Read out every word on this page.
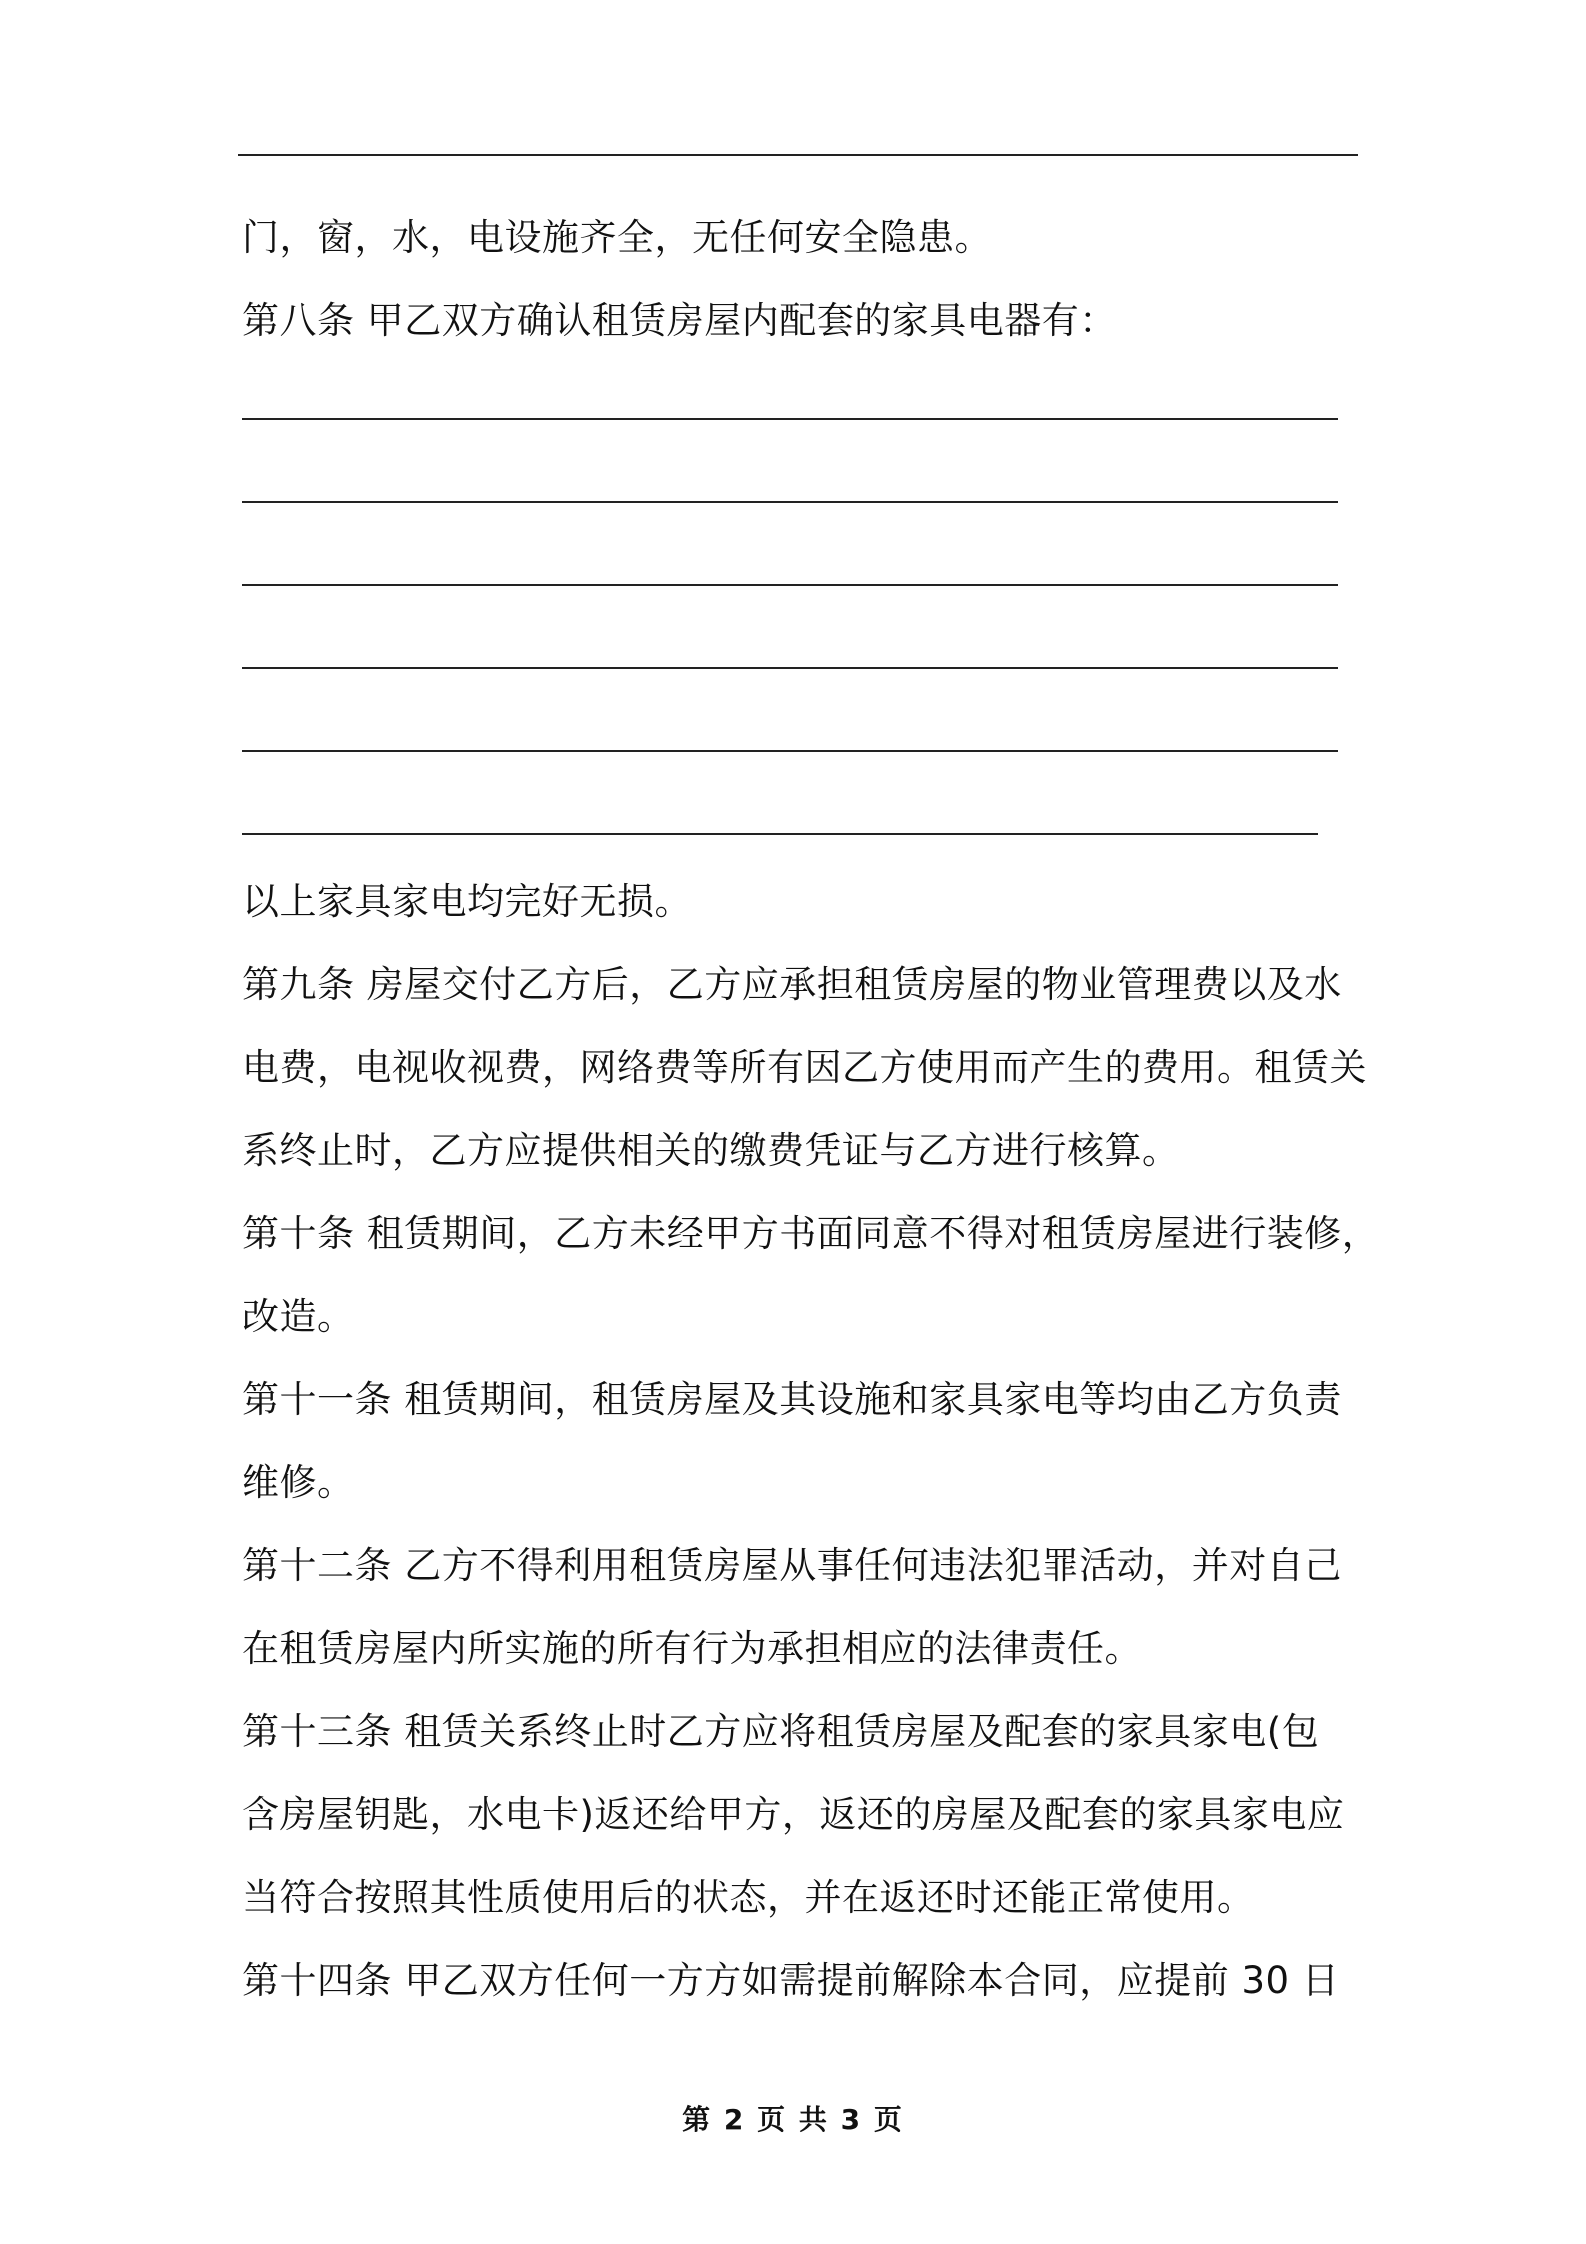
门，窗，水，电设施齐全，无任何安全隐患。
第八条 甲乙双方确认租赁房屋内配套的家具电器有：
以上家具家电均完好无损。
第九条 房屋交付乙方后，乙方应承担租赁房屋的物业管理费以及水
电费，电视收视费，网络费等所有因乙方使用而产生的费用。租赁关
系终止时，乙方应提供相关的缴费凭证与乙方进行核算。
第十条 租赁期间，乙方未经甲方书面同意不得对租赁房屋进行装修，
改造。
第十一条 租赁期间，租赁房屋及其设施和家具家电等均由乙方负责
维修。
第十二条 乙方不得利用租赁房屋从事任何违法犯罪活动，并对自己
在租赁房屋内所实施的所有行为承担相应的法律责任。
第十三条 租赁关系终止时乙方应将租赁房屋及配套的家具家电(包
含房屋钥匙，水电卡)返还给甲方，返还的房屋及配套的家具家电应
当符合按照其性质使用后的状态，并在返还时还能正常使用。
第十四条 甲乙双方任何一方方如需提前解除本合同，应提前 30 日
第 2 页 共 3 页
